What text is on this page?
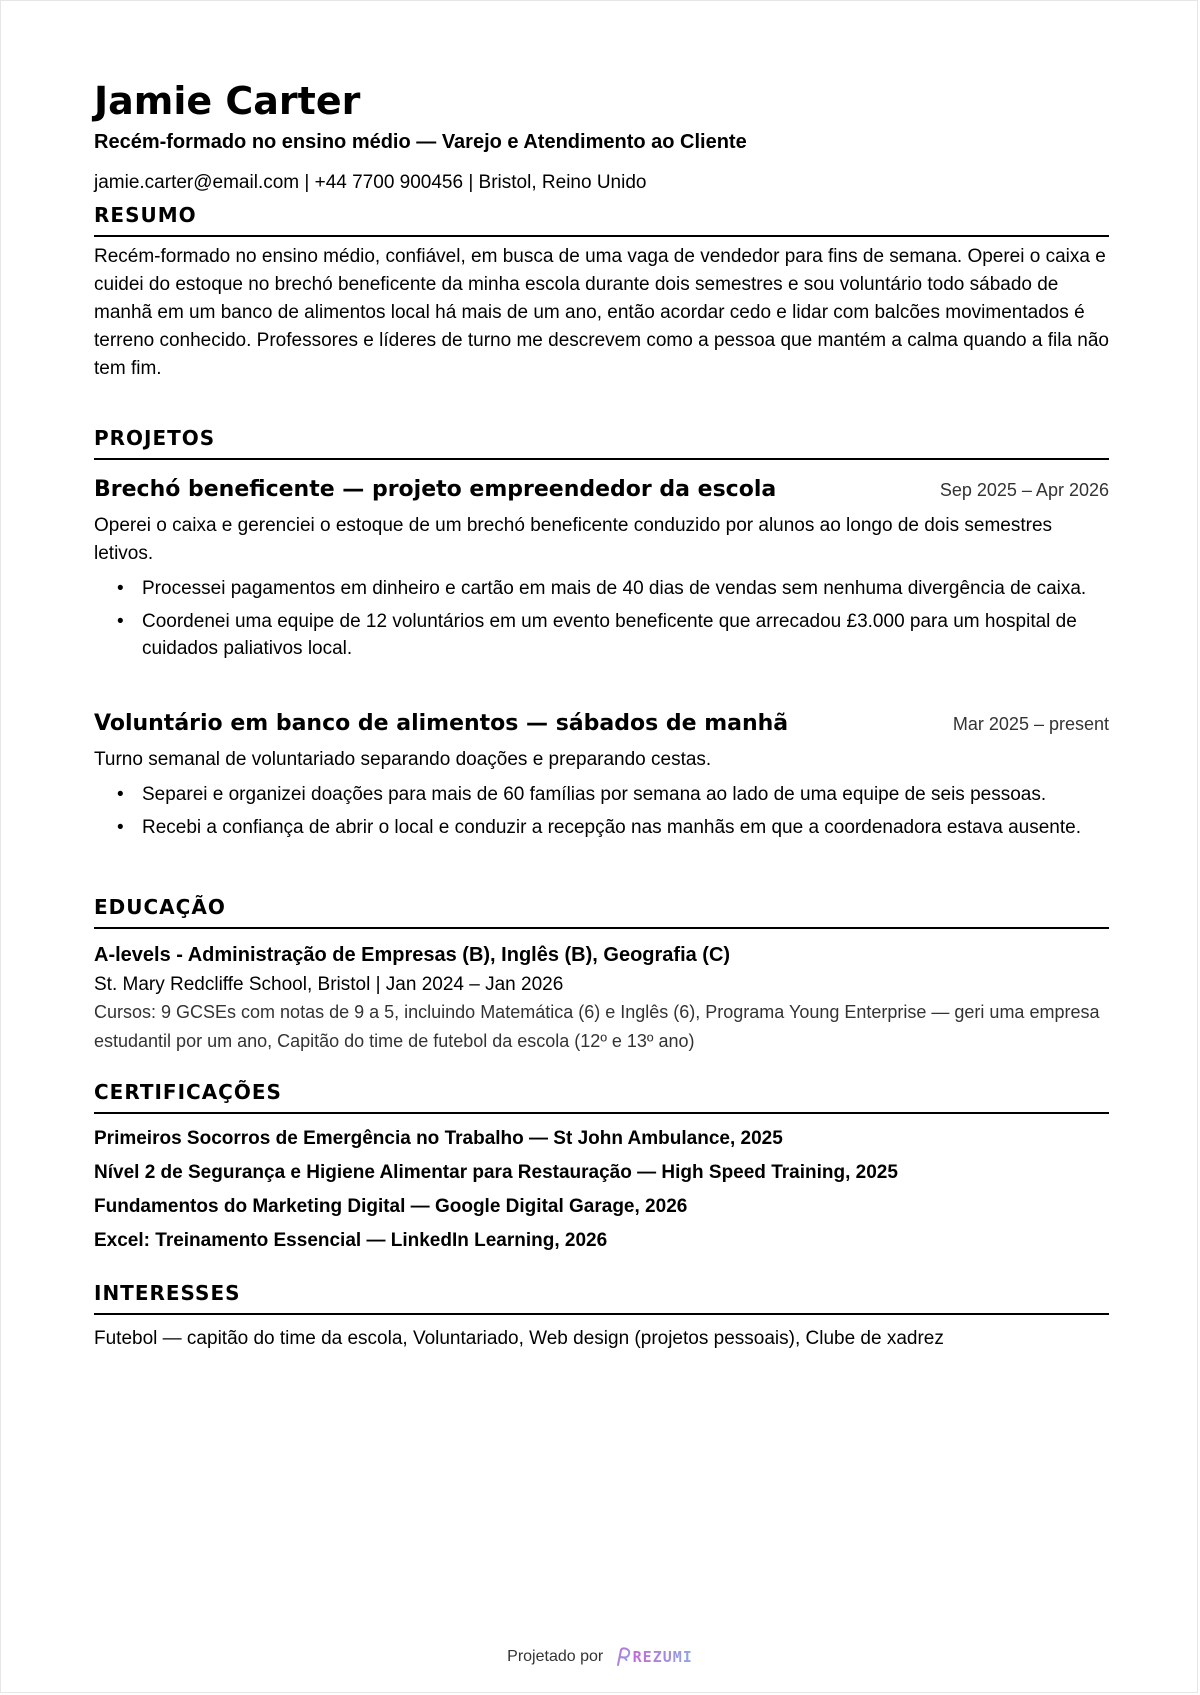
Jamie Carter
Recém-formado no ensino médio — Varejo e Atendimento ao Cliente
jamie.carter@email.com | +44 7700 900456 | Bristol, Reino Unido
RESUMO

Recém-formado no ensino médio, confiável, em busca de uma vaga de vendedor para fins de semana. Operei o caixa e cuidei do estoque no brechó beneficente da minha escola durante dois semestres e sou voluntário todo sábado de manhã em um banco de alimentos local há mais de um ano, então acordar cedo e lidar com balcões movimentados é terreno conhecido. Professores e líderes de turno me descrevem como a pessoa que mantém a calma quando a fila não tem fim.

PROJETOS
Brechó beneficente — projeto empreendedor da escola	Sep 2025 – Apr 2026

Operei o caixa e gerenciei o estoque de um brechó beneficente conduzido por alunos ao longo de dois semestres letivos.

• Processei pagamentos em dinheiro e cartão em mais de 40 dias de vendas sem nenhuma divergência de caixa.
• Coordenei uma equipe de 12 voluntários em um evento beneficente que arrecadou £3.000 para um hospital de cuidados paliativos local.
Voluntário em banco de alimentos — sábados de manhã	Mar 2025 – present

Turno semanal de voluntariado separando doações e preparando cestas.

• Separei e organizei doações para mais de 60 famílias por semana ao lado de uma equipe de seis pessoas.
• Recebi a confiança de abrir o local e conduzir a recepção nas manhãs em que a coordenadora estava ausente.
EDUCAÇÃO
A-levels - Administração de Empresas (B), Inglês (B), Geografia (C)
St. Mary Redcliffe School, Bristol | Jan 2024 – Jan 2026
Cursos: 9 GCSEs com notas de 9 a 5, incluindo Matemática (6) e Inglês (6), Programa Young Enterprise — geri uma empresa estudantil por um ano, Capitão do time de futebol da escola (12º e 13º ano)
CERTIFICAÇÕES
Primeiros Socorros de Emergência no Trabalho — St John Ambulance, 2025
Nível 2 de Segurança e Higiene Alimentar para Restauração — High Speed Training, 2025
Fundamentos do Marketing Digital — Google Digital Garage, 2026
Excel: Treinamento Essencial — LinkedIn Learning, 2026
INTERESSES
Futebol — capitão do time da escola, Voluntariado, Web design (projetos pessoais), Clube de xadrez
Projetado por REZUMI
